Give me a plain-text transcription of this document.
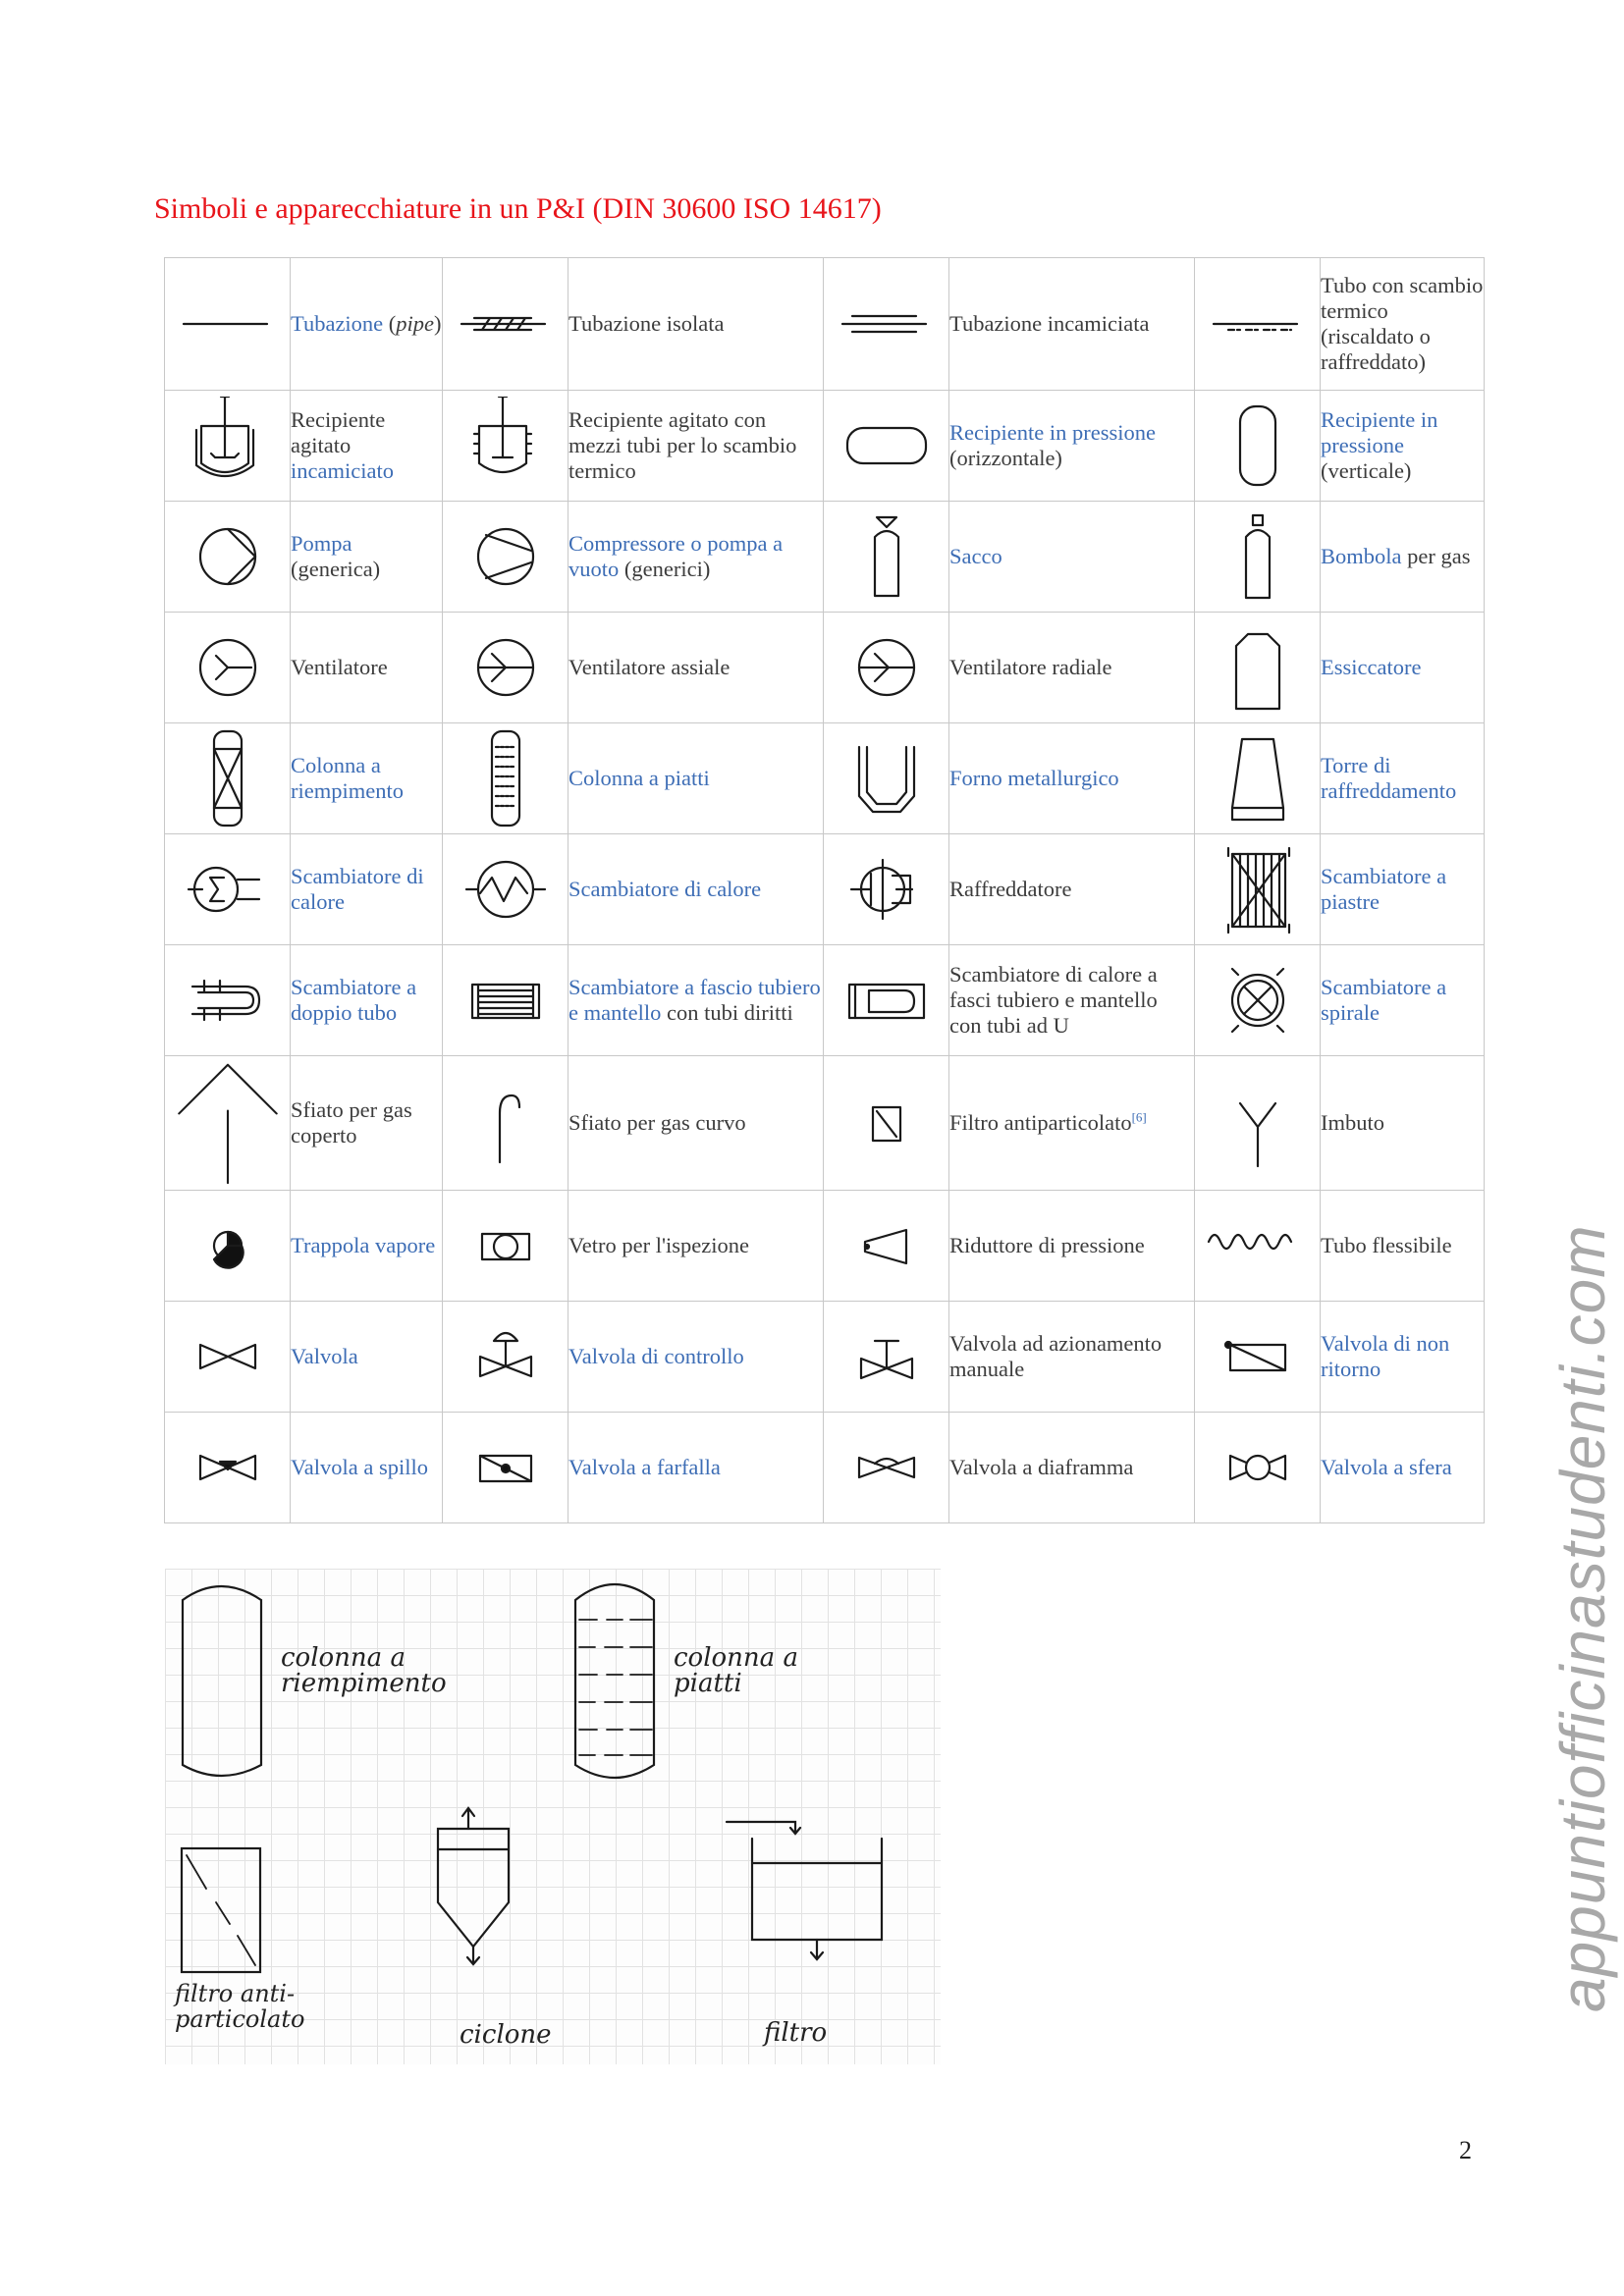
Simboli e apparecchiature in un P&I (DIN 30600 ISO 14617)
	Tubazione (pipe)		Tubazione isolata		Tubazione incamiciata		Tubo con scambio termico (riscaldato o raffreddato)

	Recipiente agitato incamiciato		Recipiente agitato con mezzi tubi per lo scambio termico		Recipiente in pressione (orizzontale)		Recipiente in pressione (verticale)

	Pompa (generica)		Compressore o pompa a vuoto (generici)		Sacco		Bombola per gas

	Ventilatore		Ventilatore assiale		Ventilatore radiale		Essiccatore

	Colonna a riempimento		Colonna a piatti		Forno metallurgico		Torre di raffreddamento

	Scambiatore di calore		Scambiatore di calore		Raffreddatore		Scambiatore a piastre

	Scambiatore a doppio tubo		Scambiatore a fascio tubiero e mantello con tubi diritti		Scambiatore di calore a fasci tubiero e mantello con tubi ad U		Scambiatore a spirale

	Sfiato per gas coperto		Sfiato per gas curvo		Filtro antiparticolato[6]		Imbuto

	Trappola vapore		Vetro per l'ispezione		Riduttore di pressione		Tubo flessibile

	Valvola		Valvola di controllo		Valvola ad azionamento manuale		Valvola di non ritorno

	Valvola a spillo		Valvola a farfalla		Valvola a diaframma		Valvola a sfera
colonna a riempimento
colonna a piatti
filtro anti-particolato
ciclone	filtro
appuntiofficinastudenti.com
2
